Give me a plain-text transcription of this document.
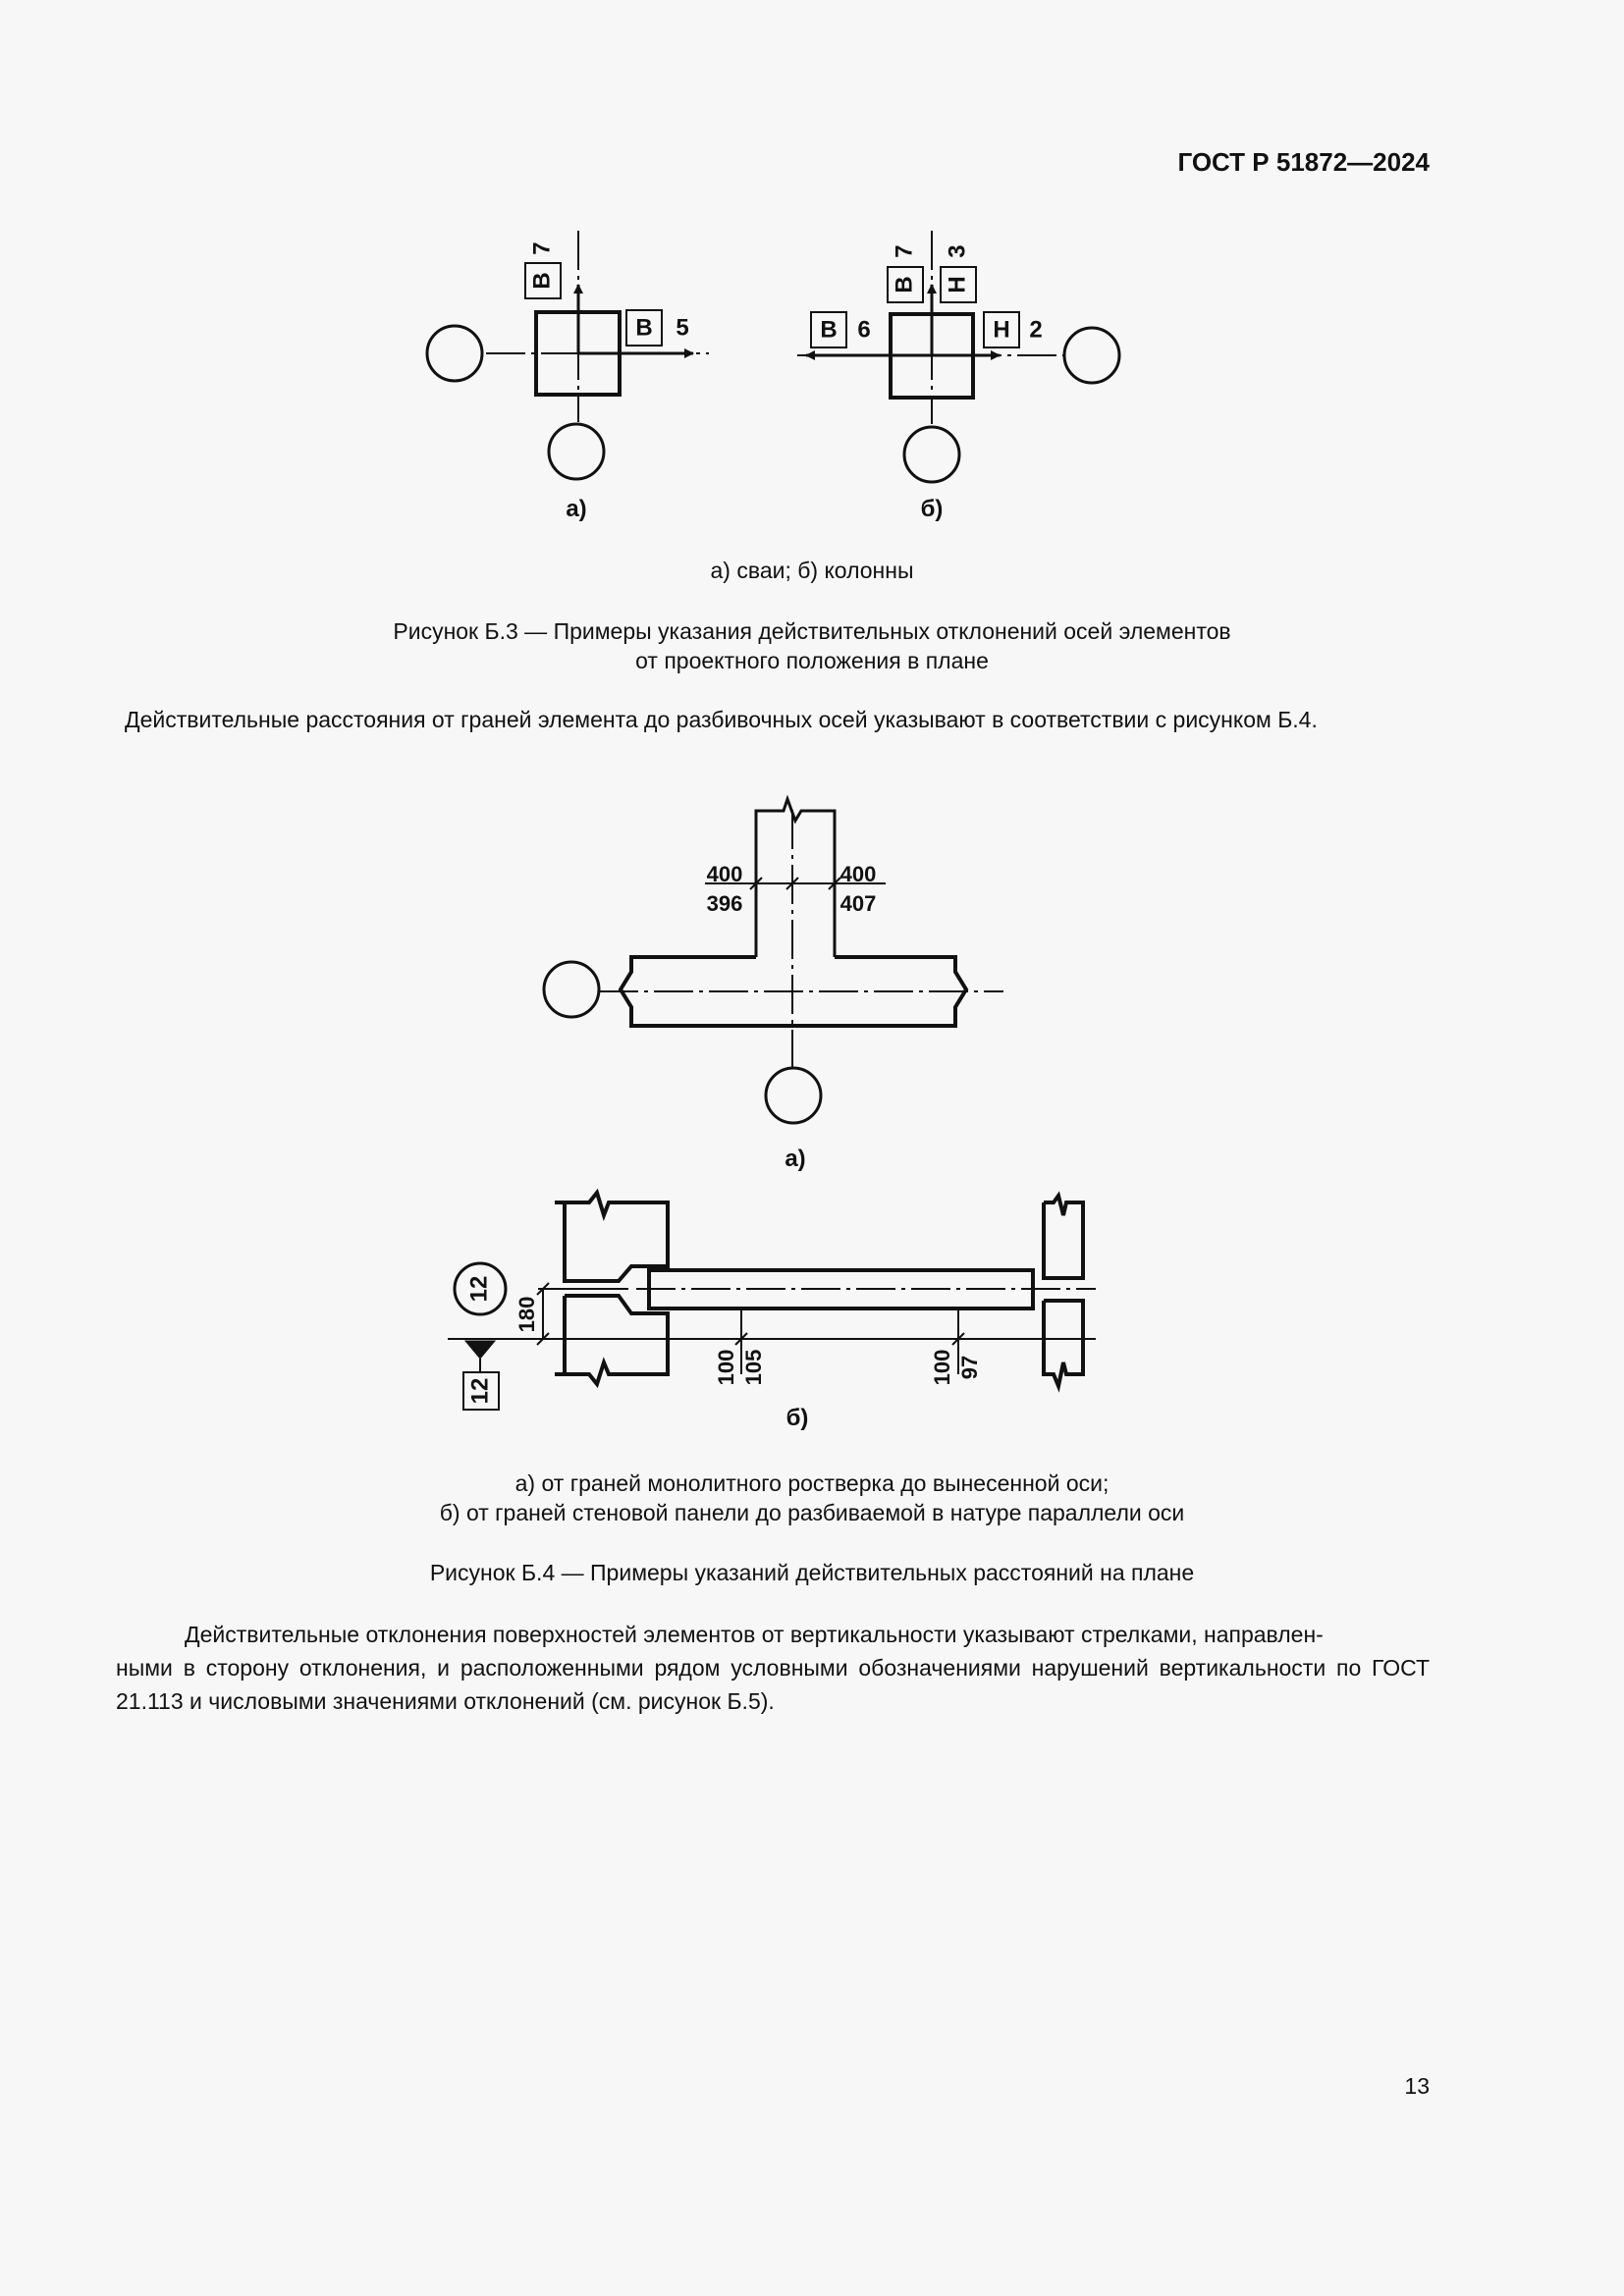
ГОСТ Р 51872—2024
В
7
В 5
а)
В
7
Н
3
В 6	Н 2
б)
400
396
400
407
а)
12
12
180
100 105	100 97
б)
а) сваи; б) колонны
Рисунок Б.3 — Примеры указания действительных отклонений осей элементов
от проектного положения в плане
Действительные расстояния от граней элемента до разбивочных осей указывают в соответствии с рисунком Б.4.
а) от граней монолитного ростверка до вынесенной оси;
б) от граней стеновой панели до разбиваемой в натуре параллели оси
Рисунок Б.4 — Примеры указаний действительных расстояний на плане
Действительные отклонения поверхностей элементов от вертикальности указывают стрелками, направлен-
ными в сторону отклонения, и расположенными рядом условными обозначениями нарушений вертикальности по ГОСТ 21.113 и числовыми значениями отклонений (см. рисунок Б.5).
13
